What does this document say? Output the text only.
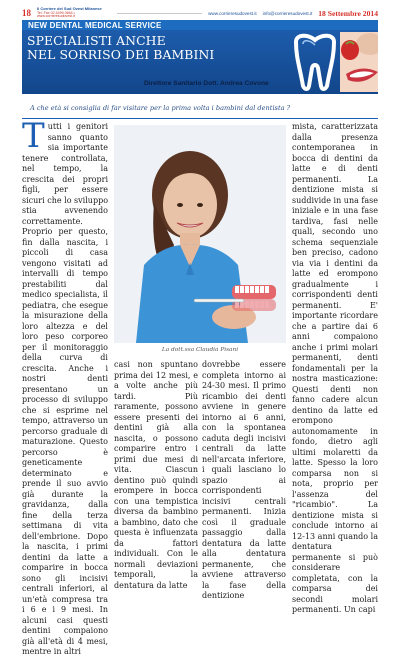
18 Il Corriere del Sud Ovest Milanese
Tel. Fax 02.4499.3664 • www.corrieresudovest.it
www.corrieresudovest.it info@corrieresudovest.it 18 Settembre 2014
NEW DENTAL MEDICAL SERVICE
SPECIALISTI ANCHE
NEL SORRISO DEI BAMBINI
Direttore Sanitario Dott. Andrea Covone
A che età si consiglia di far visitare per la prima volta i bambini dal dentista ?
Tutti i genitori sanno quanto sia importante tenere controllata, nel tempo, la crescita dei propri figli, per essere sicuri che lo sviluppo stia avvenendo correttamente. Proprio per questo, fin dalla nascita, i piccoli di casa vengono visitati ad intervalli di tempo prestabiliti dal medico specialista, il pediatra, che esegue la misurazione della loro altezza e del loro peso corporeo per il monitoraggio della curva di crescita. Anche i nostri denti presentano un processo di sviluppo che si esprime nel tempo, attraverso un percorso graduale di maturazione. Questo percorso è geneticamente determinato e prende il suo avvio già durante la gravidanza, dalla fine della terza settimana di vita dell'embrione. Dopo la nascita, i primi dentini da latte a comparire in bocca sono gli incisivi centrali inferiori, al un'età compresa tra i 6 e i 9 mesi. In alcuni casi questi dentini compaiono già all'età di 4 mesi, mentre in altri
La dott.ssa Claudia Pisani
casi non spuntano prima dei 12 mesi, e a volte anche più tardi. Più raramente, possono essere presenti dei dentini già alla nascita, o possono comparire entro i primi due mesi di vita. Ciascun dentino può quindi erompere in bocca con una tempistica diversa da bambino a bambino, dato che questa è influenzata da fattori individuali. Con le normali deviazioni temporali, la dentatura da latte
dovrebbe essere completa intorno ai 24-30 mesi. Il primo ricambio dei denti avviene in genere intorno ai 6 anni, con la spontanea caduta degli incisivi centrali da latte nell'arcata inferiore, i quali lasciano lo spazio ai corrispondenti incisivi centrali permanenti. Inizia così il graduale passaggio dalla dentatura da latte alla dentatura permanente, che avviene attraverso la fase della dentizione
mista, caratterizzata dalla presenza contemporanea in bocca di dentini da latte e di denti permanenti. La dentizione mista si suddivide in una fase iniziale e in una fase tardiva, fasi nelle quali, secondo uno schema sequenziale ben preciso, cadono via via i dentini da latte ed erompono gradualmente i corrispondenti denti permanenti. E' importante ricordare che a partire dai 6 anni compaiono anche i primi molari permanenti, denti fondamentali per la nostra masticazione: Questi denti non fanno cadere alcun dentino da latte ed erompono autonomamente in fondo, dietro agli ultimi molaretti da latte. Spesso la loro comparsa non si nota, proprio per l'assenza del "ricambio". La dentizione mista si conclude intorno ai 12-13 anni quando la dentatura permanente si può considerare completata, con la comparsa dei secondi molari permanenti. Un capi
